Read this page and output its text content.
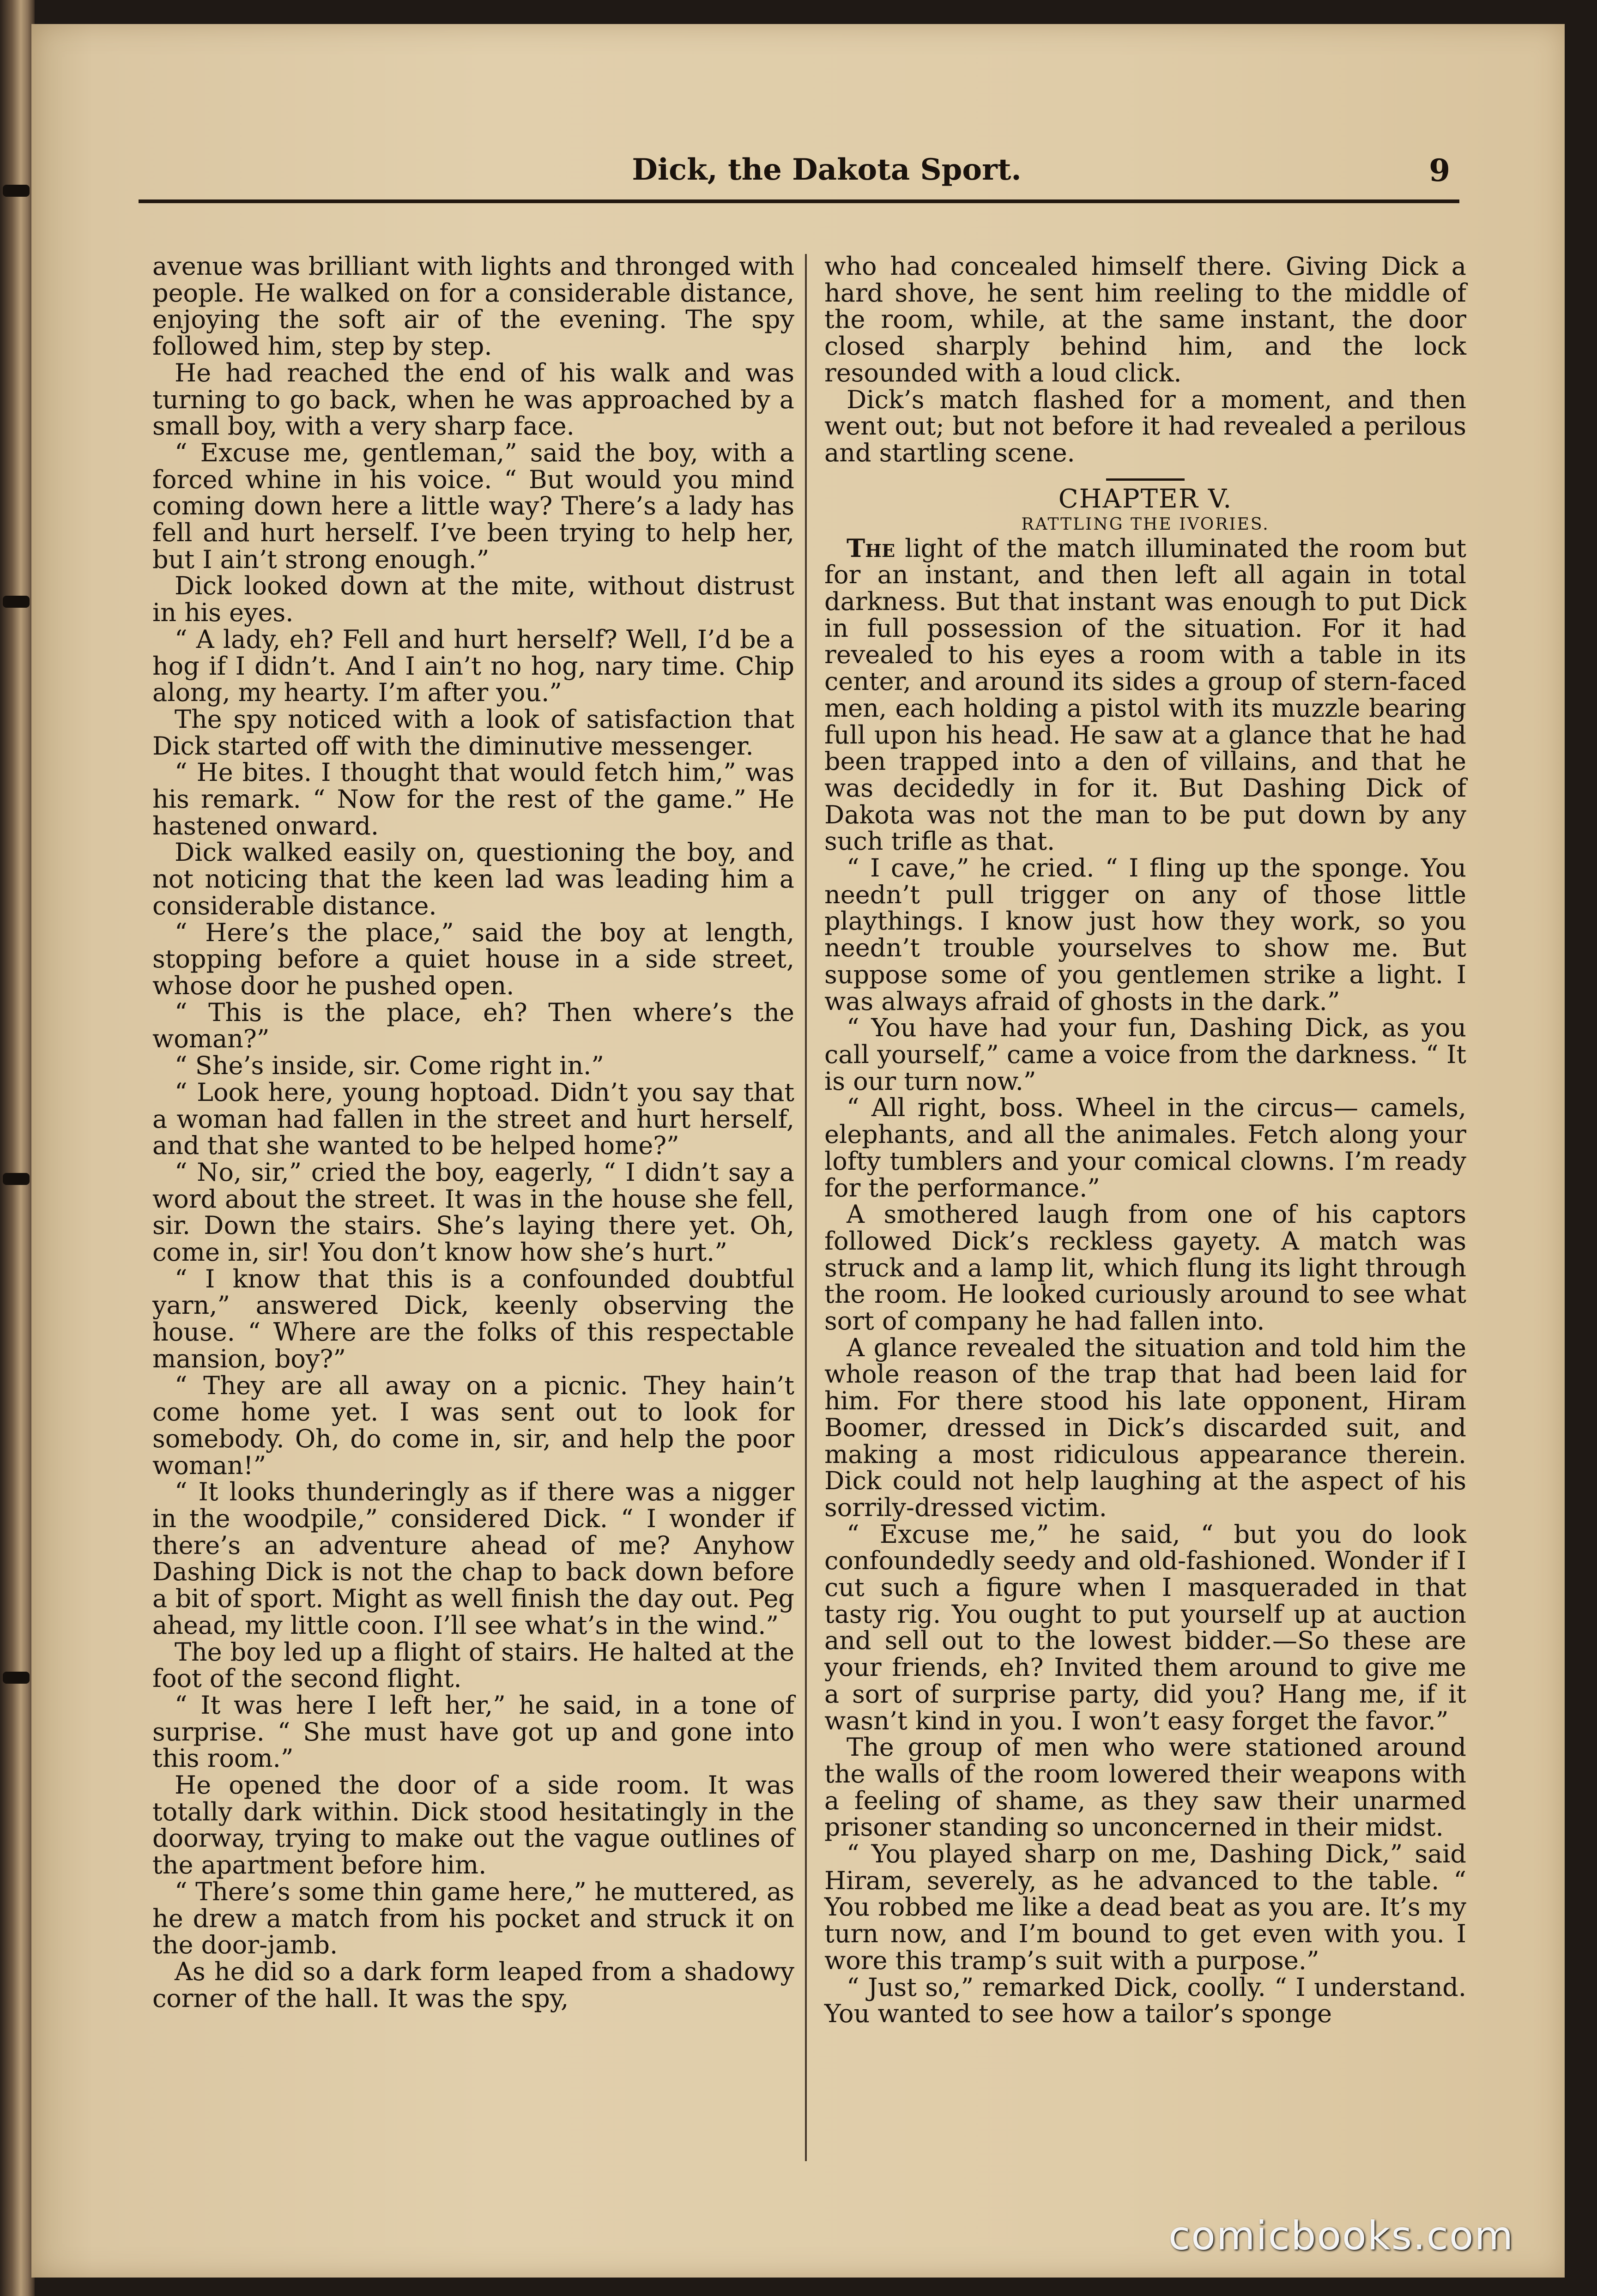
Dick, the Dakota Sport.	9

avenue was brilliant with lights and thronged with people. He walked on for a considerable distance, enjoying the soft air of the evening. The spy followed him, step by step.

He had reached the end of his walk and was turning to go back, when he was approached by a small boy, with a very sharp face.

“ Excuse me, gentleman,” said the boy, with a forced whine in his voice. “ But would you mind coming down here a little way? There’s a lady has fell and hurt herself. I’ve been trying to help her, but I ain’t strong enough.”

Dick looked down at the mite, without distrust in his eyes.

“ A lady, eh? Fell and hurt herself? Well, I’d be a hog if I didn’t. And I ain’t no hog, nary time. Chip along, my hearty. I’m after you.”

The spy noticed with a look of satisfaction that Dick started off with the diminutive messenger.

“ He bites. I thought that would fetch him,” was his remark. “ Now for the rest of the game.” He hastened onward.

Dick walked easily on, questioning the boy, and not noticing that the keen lad was leading him a considerable distance.

“ Here’s the place,” said the boy at length, stopping before a quiet house in a side street, whose door he pushed open.

“ This is the place, eh? Then where’s the woman?”

“ She’s inside, sir. Come right in.”

“ Look here, young hoptoad. Didn’t you say that a woman had fallen in the street and hurt herself, and that she wanted to be helped home?”

“ No, sir,” cried the boy, eagerly, “ I didn’t say a word about the street. It was in the house she fell, sir. Down the stairs. She’s laying there yet. Oh, come in, sir! You don’t know how she’s hurt.”

“ I know that this is a confounded doubtful yarn,” answered Dick, keenly observing the house. “ Where are the folks of this respectable mansion, boy?”

“ They are all away on a picnic. They hain’t come home yet. I was sent out to look for somebody. Oh, do come in, sir, and help the poor woman!”

“ It looks thunderingly as if there was a nigger in the woodpile,” considered Dick. “ I wonder if there’s an adventure ahead of me? Anyhow Dashing Dick is not the chap to back down before a bit of sport. Might as well finish the day out. Peg ahead, my little coon. I’ll see what’s in the wind.”

The boy led up a flight of stairs. He halted at the foot of the second flight.

“ It was here I left her,” he said, in a tone of surprise. “ She must have got up and gone into this room.”

He opened the door of a side room. It was totally dark within. Dick stood hesitatingly in the doorway, trying to make out the vague outlines of the apartment before him.

“ There’s some thin game here,” he muttered, as he drew a match from his pocket and struck it on the door-jamb.

As he did so a dark form leaped from a shadowy corner of the hall. It was the spy,

who had concealed himself there. Giving Dick a hard shove, he sent him reeling to the middle of the room, while, at the same instant, the door closed sharply behind him, and the lock resounded with a loud click.

Dick’s match flashed for a moment, and then went out; but not before it had revealed a perilous and startling scene.

CHAPTER V.

RATTLING THE IVORIES.

The light of the match illuminated the room but for an instant, and then left all again in total darkness. But that instant was enough to put Dick in full possession of the situation. For it had revealed to his eyes a room with a table in its center, and around its sides a group of stern-faced men, each holding a pistol with its muzzle bearing full upon his head. He saw at a glance that he had been trapped into a den of villains, and that he was decidedly in for it. But Dashing Dick of Dakota was not the man to be put down by any such trifle as that.

“ I cave,” he cried. “ I fling up the sponge. You needn’t pull trigger on any of those little playthings. I know just how they work, so you needn’t trouble yourselves to show me. But suppose some of you gentlemen strike a light. I was always afraid of ghosts in the dark.”

“ You have had your fun, Dashing Dick, as you call yourself,” came a voice from the darkness. “ It is our turn now.”

“ All right, boss. Wheel in the circus— camels, elephants, and all the animales. Fetch along your lofty tumblers and your comical clowns. I’m ready for the performance.”

A smothered laugh from one of his captors followed Dick’s reckless gayety. A match was struck and a lamp lit, which flung its light through the room. He looked curiously around to see what sort of company he had fallen into.

A glance revealed the situation and told him the whole reason of the trap that had been laid for him. For there stood his late opponent, Hiram Boomer, dressed in Dick’s discarded suit, and making a most ridiculous appearance therein. Dick could not help laughing at the aspect of his sorrily-dressed victim.

“ Excuse me,” he said, “ but you do look confoundedly seedy and old-fashioned. Wonder if I cut such a figure when I masqueraded in that tasty rig. You ought to put yourself up at auction and sell out to the lowest bidder.—So these are your friends, eh? Invited them around to give me a sort of surprise party, did you? Hang me, if it wasn’t kind in you. I won’t easy forget the favor.”

The group of men who were stationed around the walls of the room lowered their weapons with a feeling of shame, as they saw their unarmed prisoner standing so unconcerned in their midst.

“ You played sharp on me, Dashing Dick,” said Hiram, severely, as he advanced to the table. “ You robbed me like a dead beat as you are. It’s my turn now, and I’m bound to get even with you. I wore this tramp’s suit with a purpose.”

“ Just so,” remarked Dick, coolly. “ I understand. You wanted to see how a tailor’s sponge

comicbooks.com
